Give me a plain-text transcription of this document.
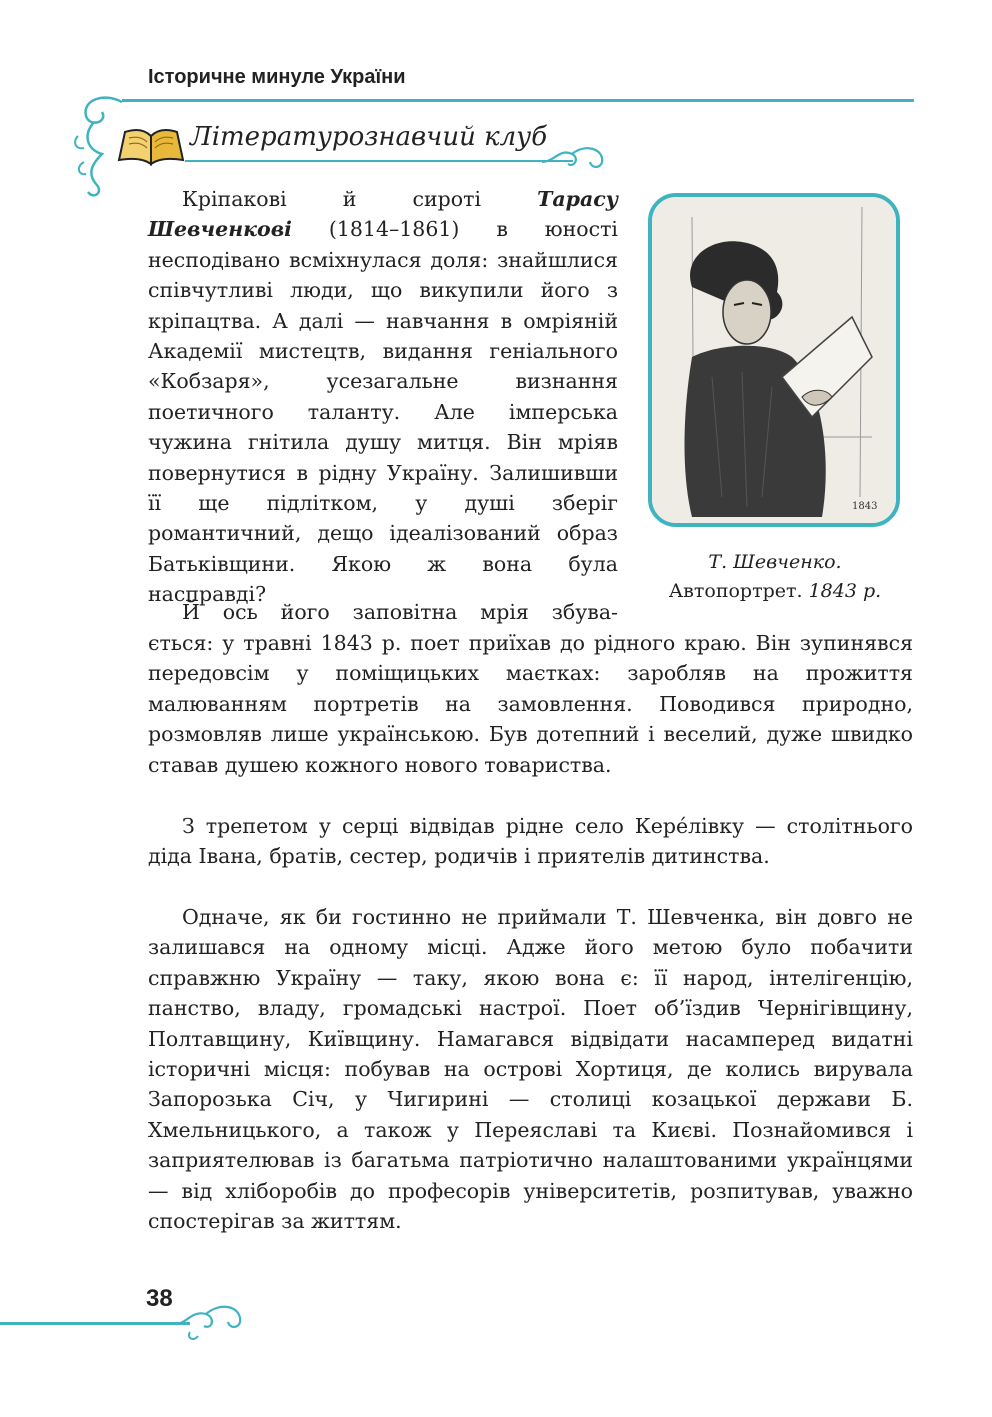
Історичне минуле України
Літературознавчий клуб
1843
Т. Шевченко.
Автопортрет. 1843 р.

Кріпакові й сироті Тарасу Шевченкові (1814–1861) в юності несподівано всміхнулася доля: знайшлися співчутливі люди, що викупили його з кріпацтва. А далі — навчання в омріяній Академії мистецтв, видання геніального «Кобзаря», усезагальне визнання поетичного таланту. Але імперська чужина гнітила душу митця. Він мріяв повернутися в рідну Україну. Залишивши її ще підлітком, у душі зберіг романтичний, дещо ідеалізований образ Батьківщини. Якою ж вона була насправді?

Й ось його заповітна мрія збува-

ється: у травні 1843 р. поет приїхав до рідного краю. Він зупинявся передовсім у поміщицьких маєтках: заробляв на прожиття малюванням портретів на замовлення. Поводився природно, розмовляв лише українською. Був дотепний і веселий, дуже швидко ставав душею кожного нового товариства.

З трепетом у серці відвідав рідне село Кере́лівку — столітнього діда Івана, братів, сестер, родичів і приятелів дитинства.

Одначе, як би гостинно не приймали Т. Шевченка, він довго не залишався на одному місці. Адже його метою було побачити справжню Україну — таку, якою вона є: її народ, інтелігенцію, панство, владу, громадські настрої. Поет об’їздив Чернігівщину, Полтавщину, Київщину. Намагався відвідати насамперед видатні історичні місця: побував на острові Хортиця, де колись вирувала Запорозька Січ, у Чигирині — столиці козацької держави Б. Хмельницького, а також у Переяславі та Києві. Познайомився і заприятелював із багатьма патріотично налаштованими українцями — від хліборобів до професорів університетів, розпитував, уважно спостерігав за життям.

38
